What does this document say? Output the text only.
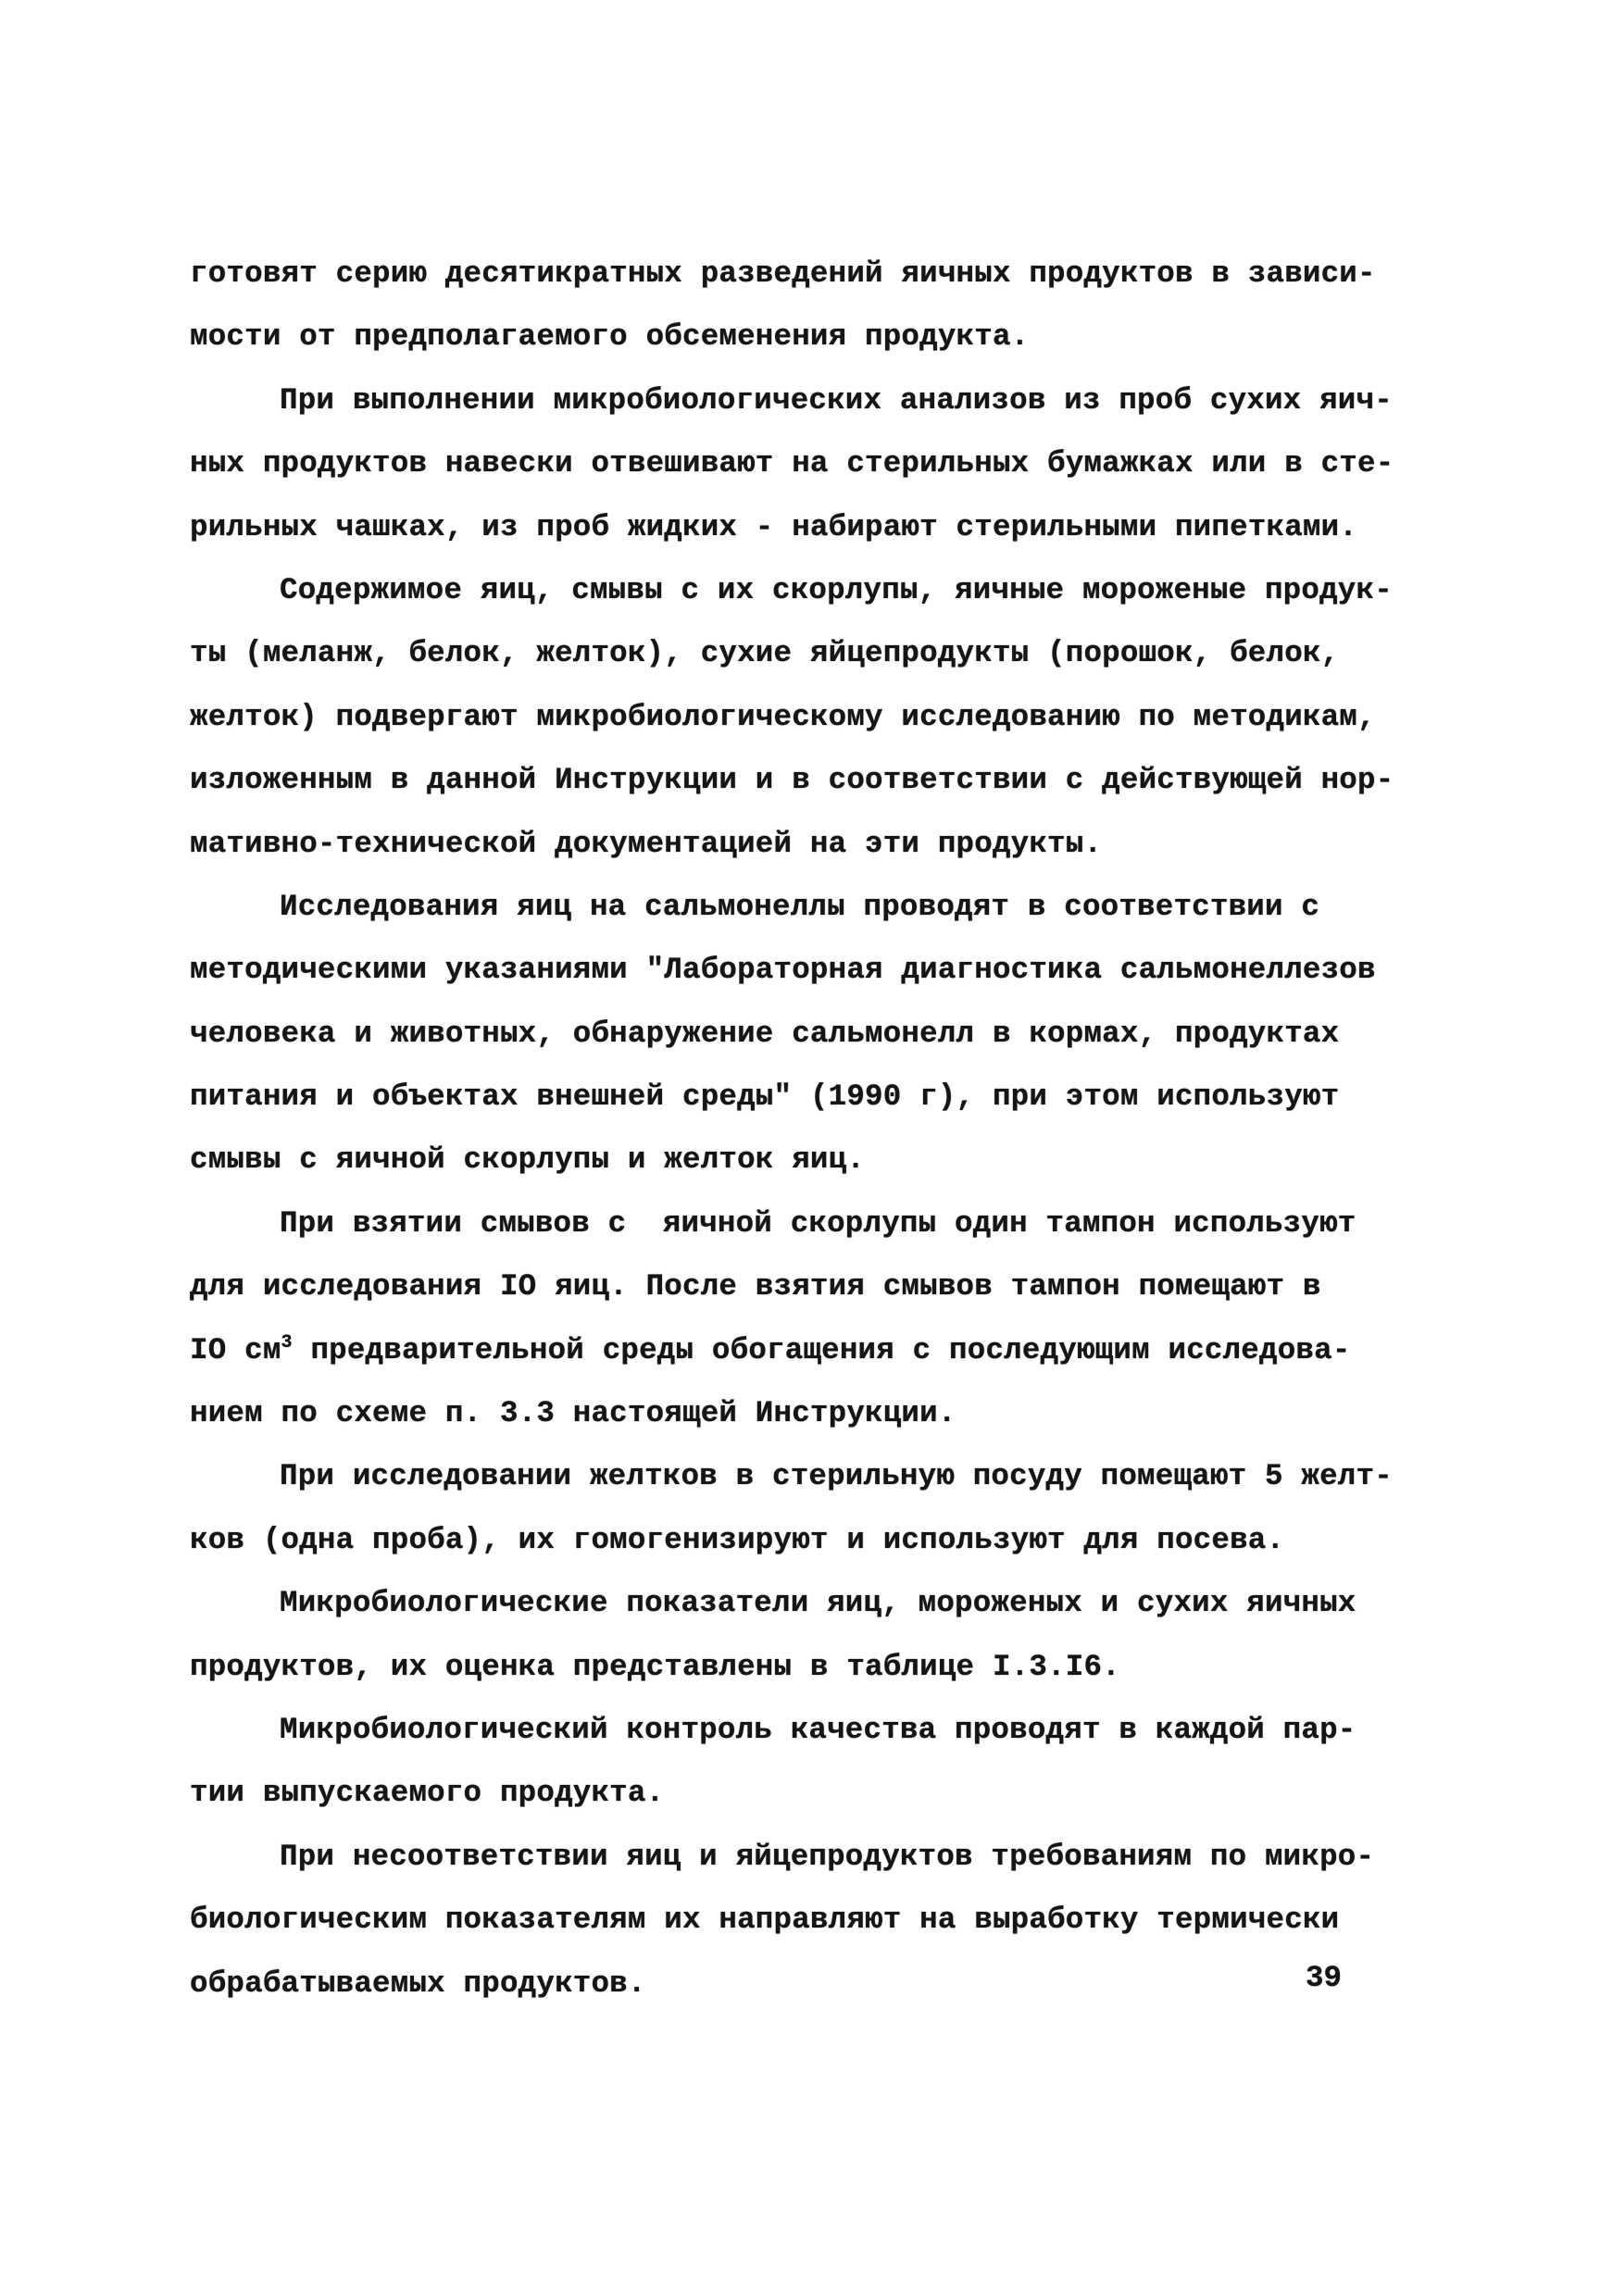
готовят серию десятикратных разведений яичных продуктов в зависи-
мости от предполагаемого обсеменения продукта.
При выполнении микробиологических анализов из проб сухих яич-
ных продуктов навески отвешивают на стерильных бумажках или в сте-
рильных чашках, из проб жидких - набирают стерильными пипетками.
Содержимое яиц, смывы с их скорлупы, яичные мороженые продук-
ты (меланж, белок, желток), сухие яйцепродукты (порошок, белок,
желток) подвергают микробиологическому исследованию по методикам,
изложенным в данной Инструкции и в соответствии с действующей нор-
мативно-технической документацией на эти продукты.
Исследования яиц на сальмонеллы проводят в соответствии с
методическими указаниями "Лабораторная диагностика сальмонеллезов
человека и животных, обнаружение сальмонелл в кормах, продуктах
питания и объектах внешней среды" (1990 г), при этом используют
смывы с яичной скорлупы и желток яиц.
При взятии смывов с  яичной скорлупы один тампон используют
для исследования IO яиц. После взятия смывов тампон помещают в
IO $см^3$ предварительной среды обогащения с последующим исследова-
нием по схеме п. 3.3 настоящей Инструкции.
При исследовании желтков в стерильную посуду помещают 5 желт-
ков (одна проба), их гомогенизируют и используют для посева.
Микробиологические показатели яиц, мороженых и сухих яичных
продуктов, их оценка представлены в таблице I.3.I6.
Микробиологический контроль качества проводят в каждой пар-
тии выпускаемого продукта.
При несоответствии яиц и яйцепродуктов требованиям по микро-
биологическим показателям их направляют на выработку термически
обрабатываемых продуктов.	39
